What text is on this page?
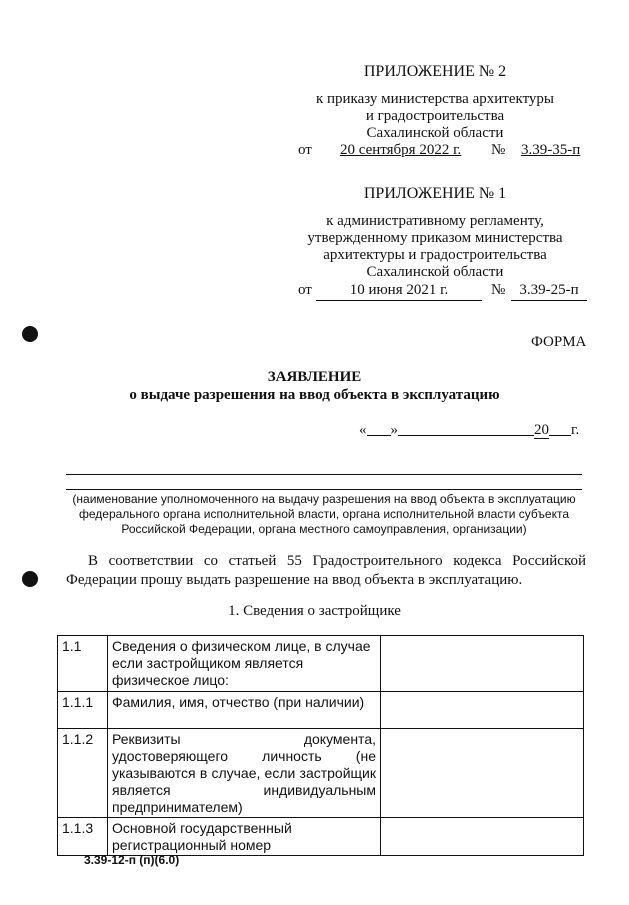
ПРИЛОЖЕНИЕ № 2
к приказу министерства архитектуры
и градостроительства
Сахалинской области
от 20 сентября 2022 г. № 3.39-35-п
ПРИЛОЖЕНИЕ № 1
к административному регламенту,
утвержденному приказом министерства
архитектуры и градостроительства
Сахалинской области
от	10 июня 2021 г.	№ 3.39-25-п
ФОРМА
ЗАЯВЛЕНИЕ
о выдаче разрешения на ввод объекта в эксплуатацию
« »	20 г.
(наименование уполномоченного на выдачу разрешения на ввод объекта в эксплуатацию
федерального органа исполнительной власти, органа исполнительной власти субъекта
Российской Федерации, органа местного самоуправления, организации)
В соответствии со статьей 55 Градостроительного кодекса Российской Федерации прошу выдать разрешение на ввод объекта в эксплуатацию.
1. Сведения о застройщике
1.1	Сведения о физическом лице, в случае если застройщиком является физическое лицо:	
1.1.1	Фамилия, имя, отчество (при наличии)	
1.1.2	Реквизиты документа, удостоверяющего личность (не указываются в случае, если застройщик является индивидуальным предпринимателем)	
1.1.3	Основной государственный регистрационный номер	
3.39-12-п (п)(6.0)
